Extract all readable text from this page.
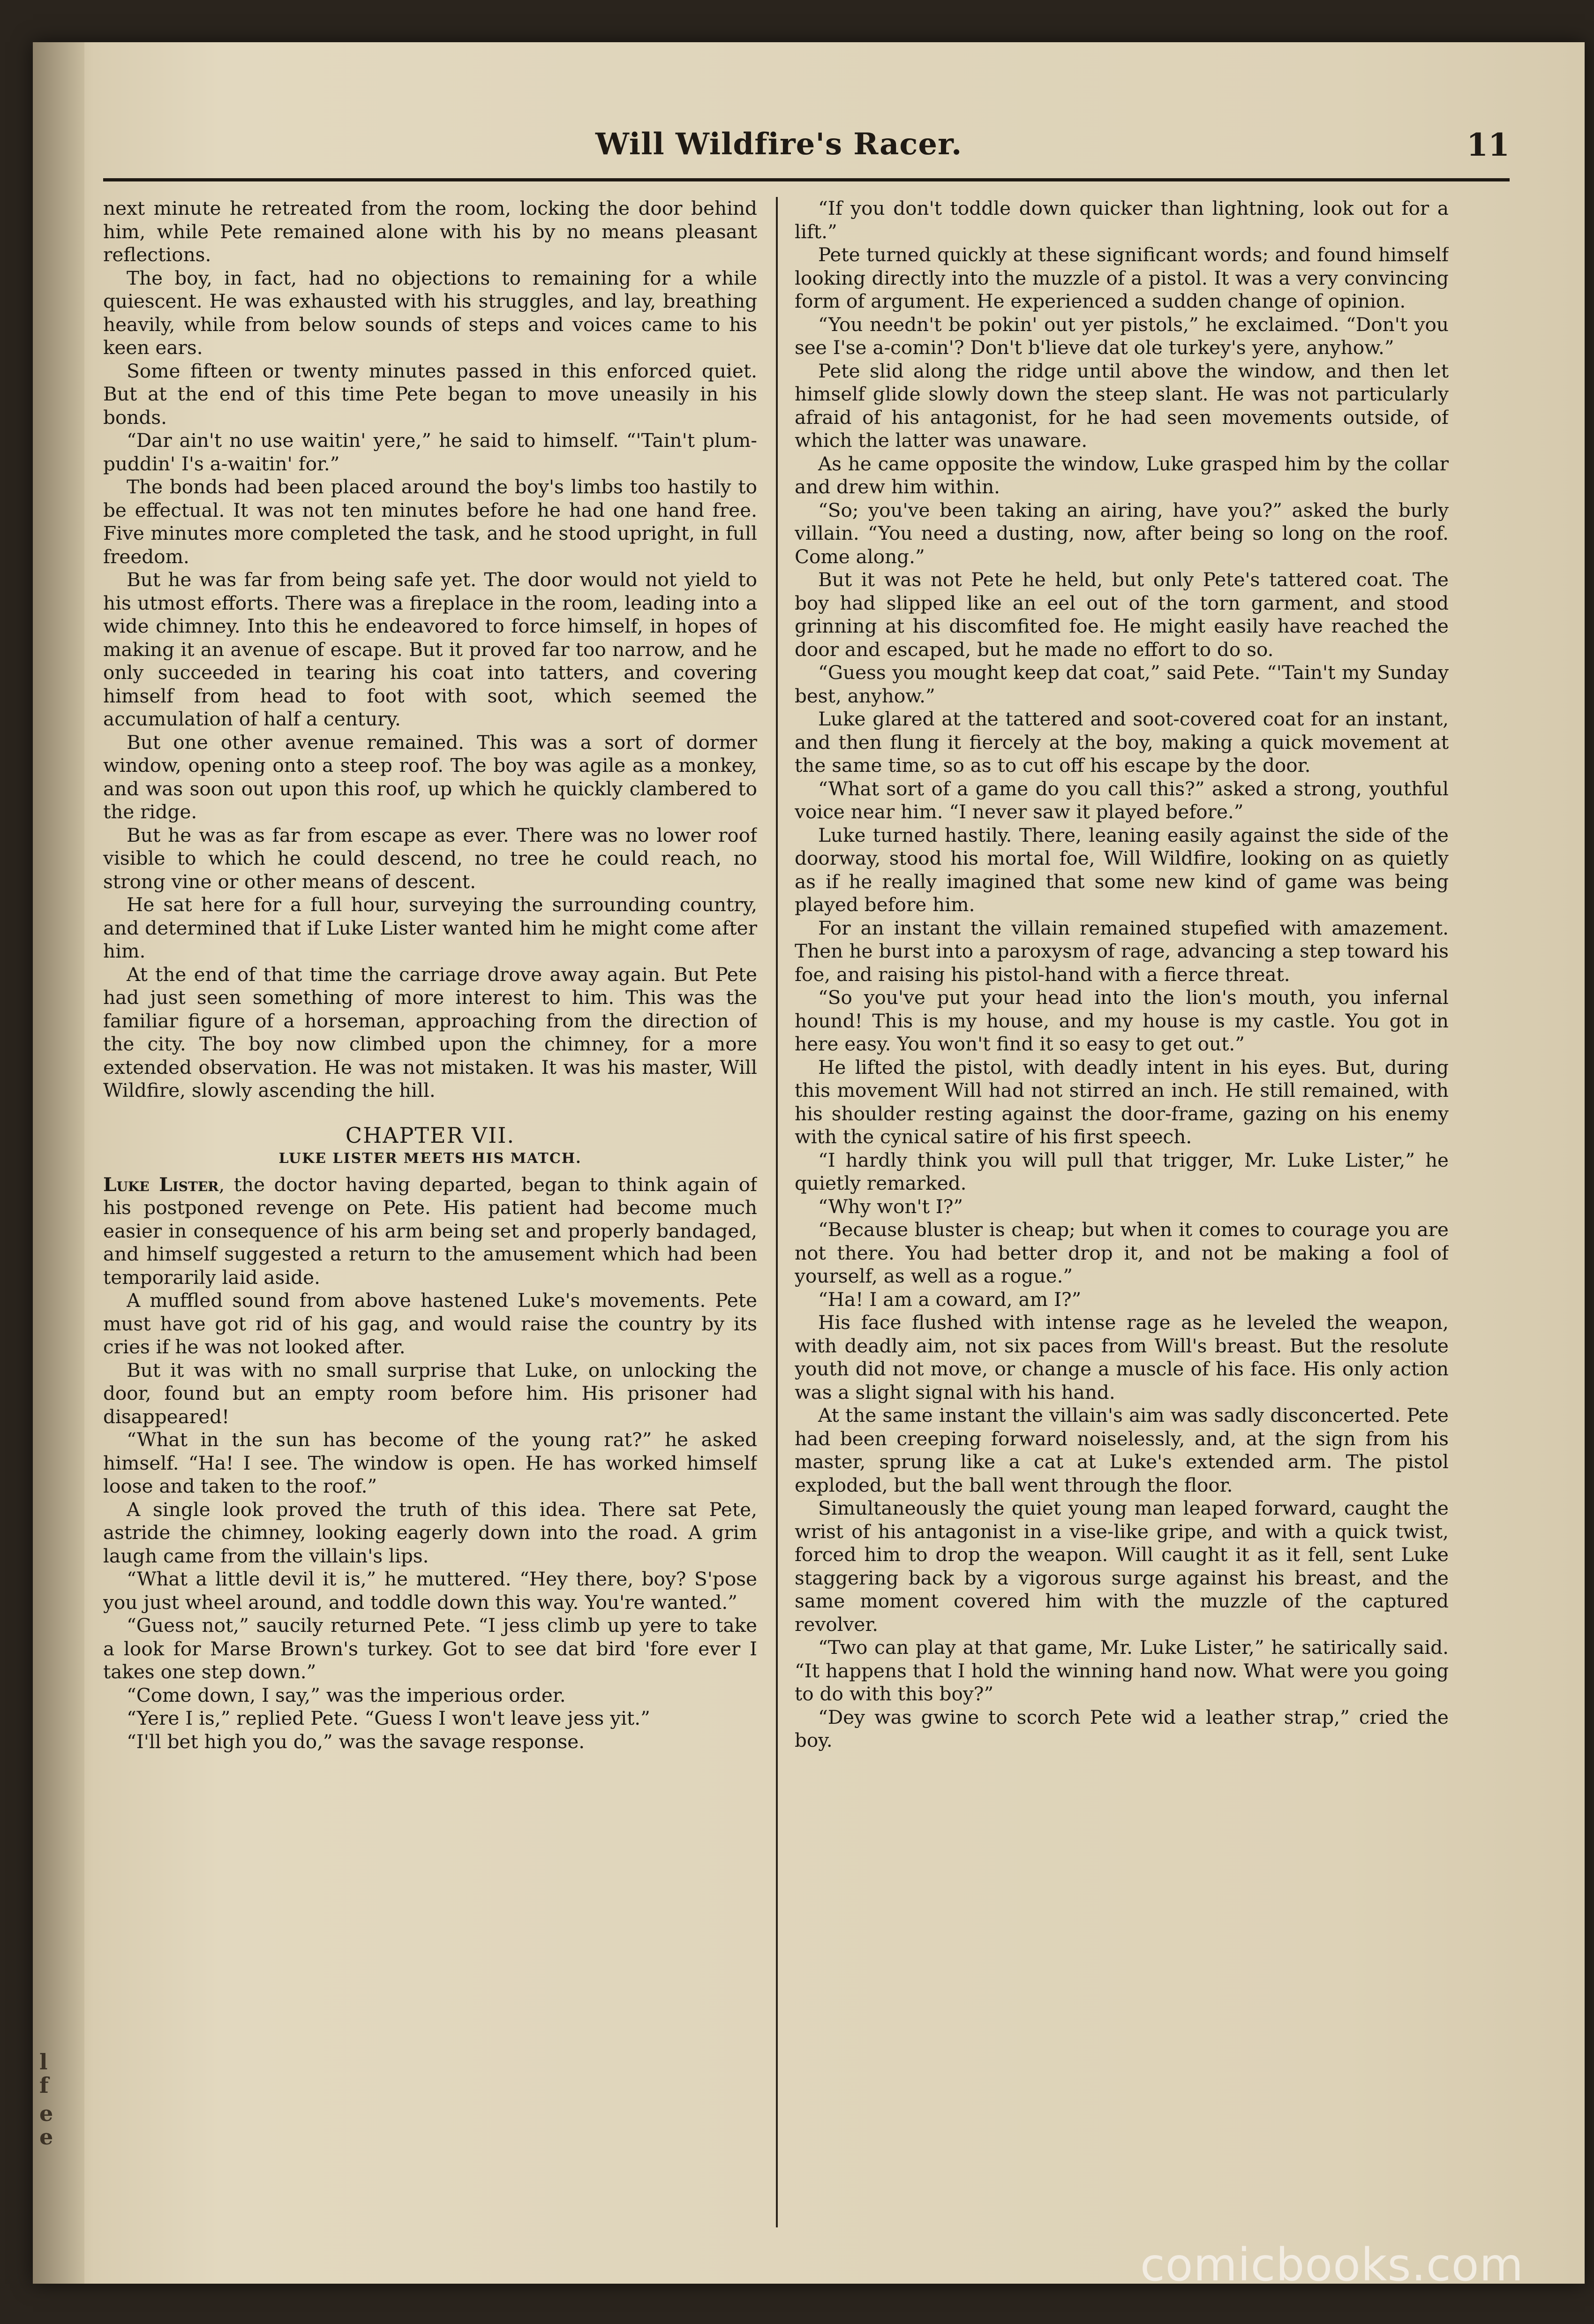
l
f
e
e
Will Wildfire's Racer.	11

next minute he retreated from the room, locking the door behind him, while Pete remained alone with his by no means pleasant reflections.

The boy, in fact, had no objections to remaining for a while quiescent. He was exhausted with his struggles, and lay, breathing heavily, while from below sounds of steps and voices came to his keen ears.

Some fifteen or twenty minutes passed in this enforced quiet. But at the end of this time Pete began to move uneasily in his bonds.

“Dar ain't no use waitin' yere,” he said to himself. “'Tain't plum-puddin' I's a-waitin' for.”

The bonds had been placed around the boy's limbs too hastily to be effectual. It was not ten minutes before he had one hand free. Five minutes more completed the task, and he stood upright, in full freedom.

But he was far from being safe yet. The door would not yield to his utmost efforts. There was a fireplace in the room, leading into a wide chimney. Into this he endeavored to force himself, in hopes of making it an avenue of escape. But it proved far too narrow, and he only succeeded in tearing his coat into tatters, and covering himself from head to foot with soot, which seemed the accumulation of half a century.

But one other avenue remained. This was a sort of dormer window, opening onto a steep roof. The boy was agile as a monkey, and was soon out upon this roof, up which he quickly clambered to the ridge.

But he was as far from escape as ever. There was no lower roof visible to which he could descend, no tree he could reach, no strong vine or other means of descent.

He sat here for a full hour, surveying the surrounding country, and determined that if Luke Lister wanted him he might come after him.

At the end of that time the carriage drove away again. But Pete had just seen something of more interest to him. This was the familiar figure of a horseman, approaching from the direction of the city. The boy now climbed upon the chimney, for a more extended observation. He was not mistaken. It was his master, Will Wildfire, slowly ascending the hill.

CHAPTER VII.
LUKE LISTER MEETS HIS MATCH.

Luke Lister, the doctor having departed, began to think again of his postponed revenge on Pete. His patient had become much easier in consequence of his arm being set and properly bandaged, and himself suggested a return to the amusement which had been temporarily laid aside.

A muffled sound from above hastened Luke's movements. Pete must have got rid of his gag, and would raise the country by its cries if he was not looked after.

But it was with no small surprise that Luke, on unlocking the door, found but an empty room before him. His prisoner had disappeared!

“What in the sun has become of the young rat?” he asked himself. “Ha! I see. The window is open. He has worked himself loose and taken to the roof.”

A single look proved the truth of this idea. There sat Pete, astride the chimney, looking eagerly down into the road. A grim laugh came from the villain's lips.

“What a little devil it is,” he muttered. “Hey there, boy? S'pose you just wheel around, and toddle down this way. You're wanted.”

“Guess not,” saucily returned Pete. “I jess climb up yere to take a look for Marse Brown's turkey. Got to see dat bird 'fore ever I takes one step down.”

“Come down, I say,” was the imperious order.

“Yere I is,” replied Pete. “Guess I won't leave jess yit.”

“I'll bet high you do,” was the savage response.

“If you don't toddle down quicker than lightning, look out for a lift.”

Pete turned quickly at these significant words; and found himself looking directly into the muzzle of a pistol. It was a very convincing form of argument. He experienced a sudden change of opinion.

“You needn't be pokin' out yer pistols,” he exclaimed. “Don't you see I'se a-comin'? Don't b'lieve dat ole turkey's yere, anyhow.”

Pete slid along the ridge until above the window, and then let himself glide slowly down the steep slant. He was not particularly afraid of his antagonist, for he had seen movements outside, of which the latter was unaware.

As he came opposite the window, Luke grasped him by the collar and drew him within.

“So; you've been taking an airing, have you?” asked the burly villain. “You need a dusting, now, after being so long on the roof. Come along.”

But it was not Pete he held, but only Pete's tattered coat. The boy had slipped like an eel out of the torn garment, and stood grinning at his discomfited foe. He might easily have reached the door and escaped, but he made no effort to do so.

“Guess you mought keep dat coat,” said Pete. “'Tain't my Sunday best, anyhow.”

Luke glared at the tattered and soot-covered coat for an instant, and then flung it fiercely at the boy, making a quick movement at the same time, so as to cut off his escape by the door.

“What sort of a game do you call this?” asked a strong, youthful voice near him. “I never saw it played before.”

Luke turned hastily. There, leaning easily against the side of the doorway, stood his mortal foe, Will Wildfire, looking on as quietly as if he really imagined that some new kind of game was being played before him.

For an instant the villain remained stupefied with amazement. Then he burst into a paroxysm of rage, advancing a step toward his foe, and raising his pistol-hand with a fierce threat.

“So you've put your head into the lion's mouth, you infernal hound! This is my house, and my house is my castle. You got in here easy. You won't find it so easy to get out.”

He lifted the pistol, with deadly intent in his eyes. But, during this movement Will had not stirred an inch. He still remained, with his shoulder resting against the door-frame, gazing on his enemy with the cynical satire of his first speech.

“I hardly think you will pull that trigger, Mr. Luke Lister,” he quietly remarked.

“Why won't I?”

“Because bluster is cheap; but when it comes to courage you are not there. You had better drop it, and not be making a fool of yourself, as well as a rogue.”

“Ha! I am a coward, am I?”

His face flushed with intense rage as he leveled the weapon, with deadly aim, not six paces from Will's breast. But the resolute youth did not move, or change a muscle of his face. His only action was a slight signal with his hand.

At the same instant the villain's aim was sadly disconcerted. Pete had been creeping forward noiselessly, and, at the sign from his master, sprung like a cat at Luke's extended arm. The pistol exploded, but the ball went through the floor.

Simultaneously the quiet young man leaped forward, caught the wrist of his antagonist in a vise-like gripe, and with a quick twist, forced him to drop the weapon. Will caught it as it fell, sent Luke staggering back by a vigorous surge against his breast, and the same moment covered him with the muzzle of the captured revolver.

“Two can play at that game, Mr. Luke Lister,” he satirically said. “It happens that I hold the winning hand now. What were you going to do with this boy?”

“Dey was gwine to scorch Pete wid a leather strap,” cried the boy.

comicbooks.com
